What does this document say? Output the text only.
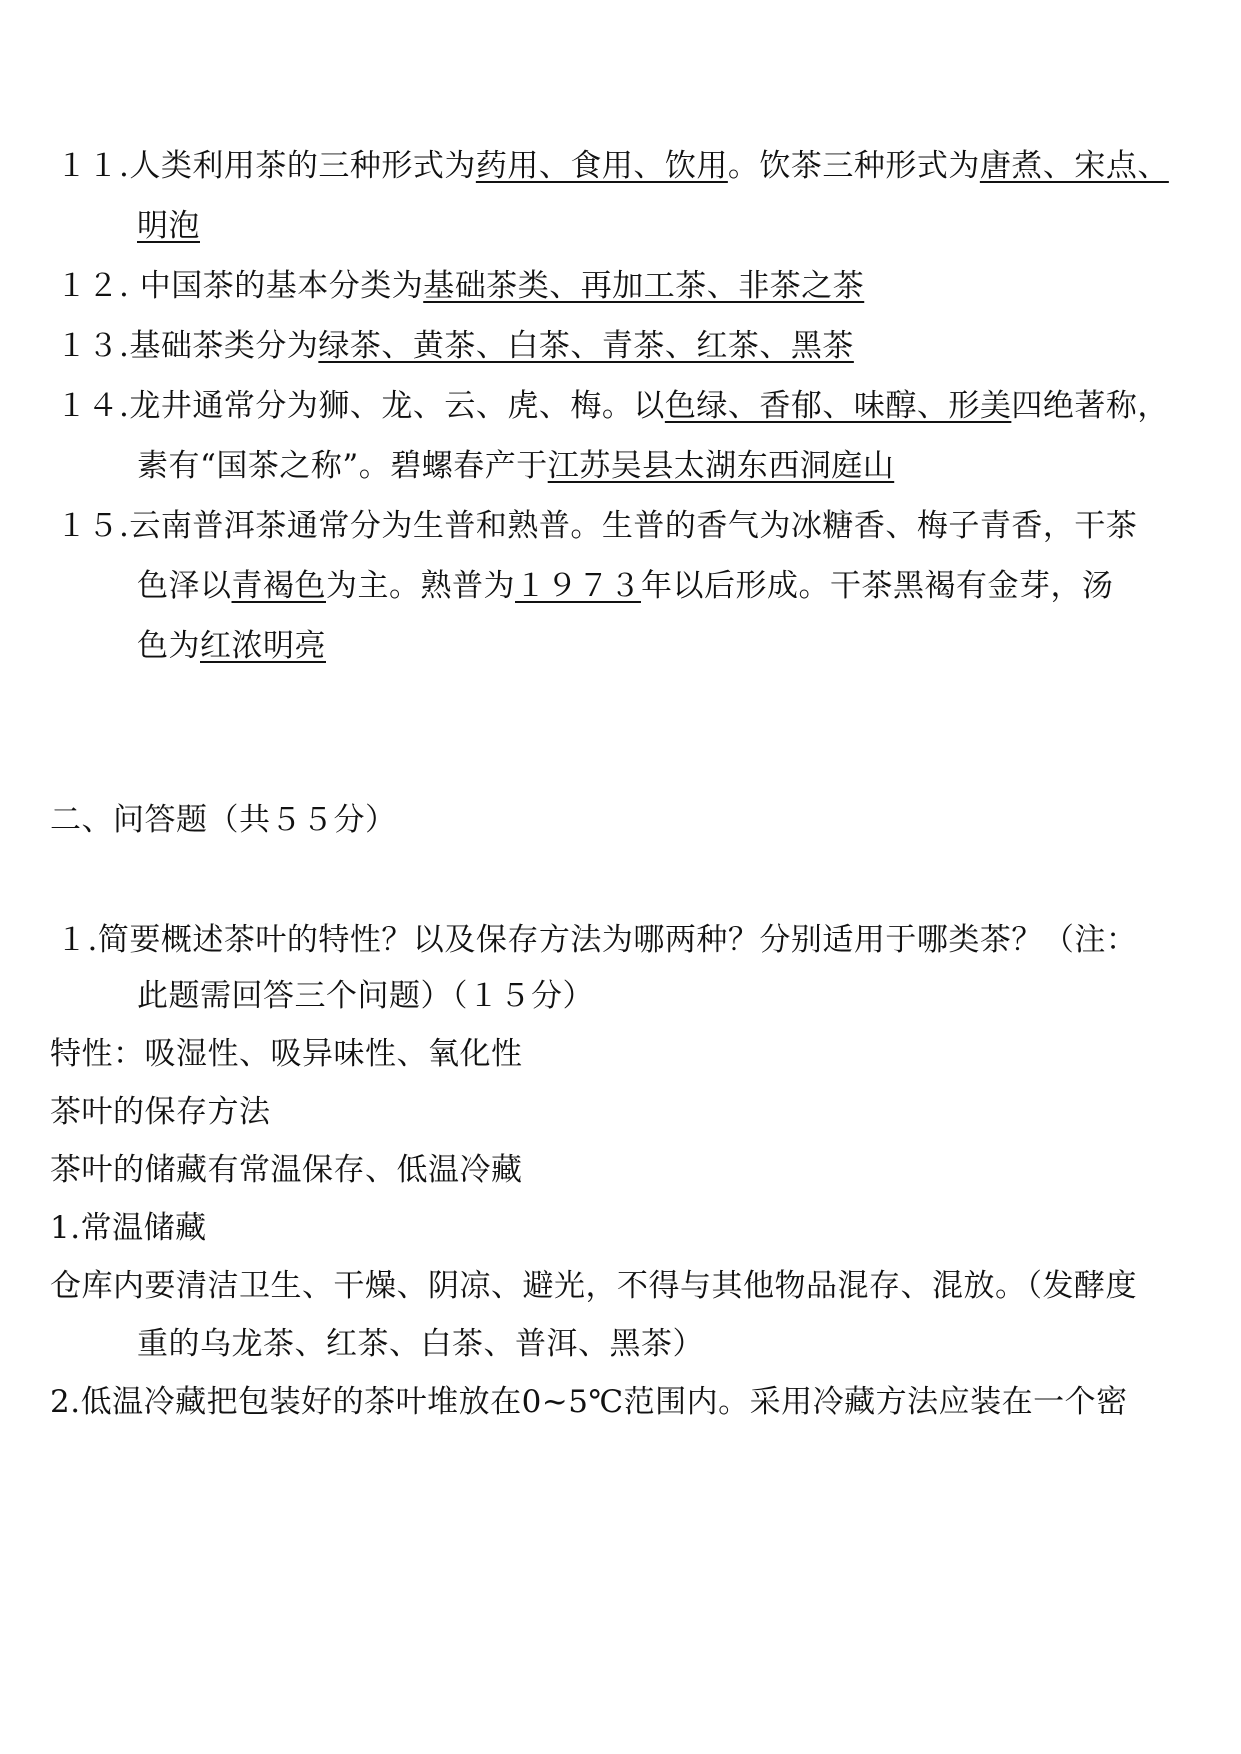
１１.人类利用茶的三种形式为药用、食用、饮用。饮茶三种形式为唐煮、宋点、
明泡
１２. 中国茶的基本分类为基础茶类、再加工茶、非茶之茶
１３.基础茶类分为绿茶、黄茶、白茶、青茶、红茶、黑茶
１４.龙井通常分为狮、龙、云、虎、梅。以色绿、香郁、味醇、形美四绝著称，
素有“国茶之称”。碧螺春产于江苏吴县太湖东西洞庭山
１５.云南普洱茶通常分为生普和熟普。生普的香气为冰糖香、梅子青香，干茶
色泽以青褐色为主。熟普为１９７３年以后形成。干茶黑褐有金芽，汤
色为红浓明亮
二、问答题（共５５分）
１.简要概述茶叶的特性？以及保存方法为哪两种？分别适用于哪类茶？（注：
此题需回答三个问题）（１５分）
特性：吸湿性、吸异味性、氧化性
茶叶的保存方法
茶叶的储藏有常温保存、低温冷藏
1.常温储藏
仓库内要清洁卫生、干燥、阴凉、避光，不得与其他物品混存、混放。（发酵度
重的乌龙茶、红茶、白茶、普洱、黑茶）
2.低温冷藏把包装好的茶叶堆放在0~5℃范围内。采用冷藏方法应装在一个密
